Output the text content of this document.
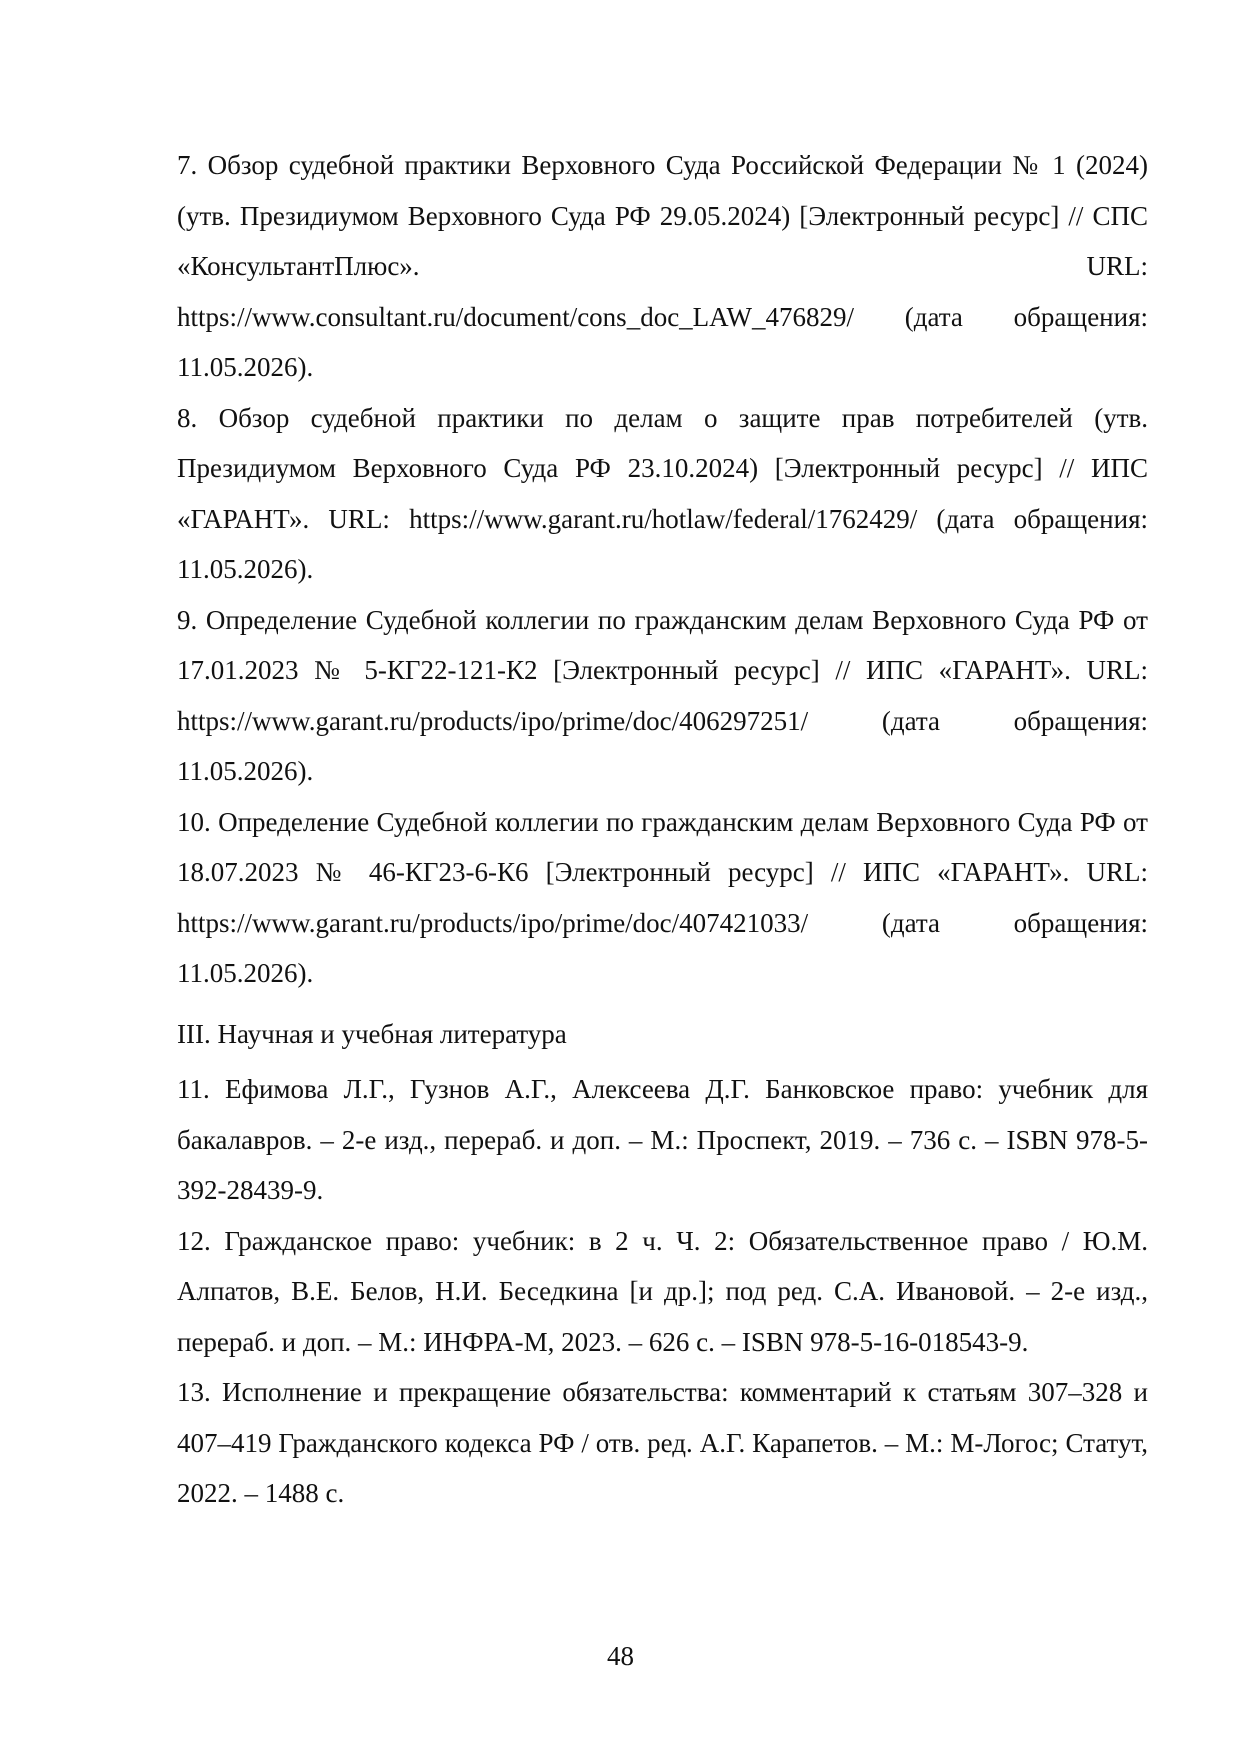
7. Обзор судебной практики Верховного Суда Российской Федерации № 1 (2024) (утв. Президиумом Верховного Суда РФ 29.05.2024) [Электронный ресурс] // СПС «КонсультантПлюс». URL: https://www.consultant.ru/document/cons_doc_LAW_476829/ (дата обращения: 11.05.2026).

8. Обзор судебной практики по делам о защите прав потребителей (утв. Президиумом Верховного Суда РФ 23.10.2024) [Электронный ресурс] // ИПС «ГАРАНТ». URL: https://www.garant.ru/hotlaw/federal/1762429/ (дата обращения: 11.05.2026).

9. Определение Судебной коллегии по гражданским делам Верховного Суда РФ от 17.01.2023 № 5-КГ22-121-К2 [Электронный ресурс] // ИПС «ГАРАНТ». URL: https://www.garant.ru/products/ipo/prime/doc/406297251/ (дата обращения: 11.05.2026).

10. Определение Судебной коллегии по гражданским делам Верховного Суда РФ от 18.07.2023 № 46-КГ23-6-К6 [Электронный ресурс] // ИПС «ГАРАНТ». URL: https://www.garant.ru/products/ipo/prime/doc/407421033/ (дата обращения: 11.05.2026).

III. Научная и учебная литература

11. Ефимова Л.Г., Гузнов А.Г., Алексеева Д.Г. Банковское право: учебник для бакалавров. – 2-е изд., перераб. и доп. – М.: Проспект, 2019. – 736 с. – ISBN 978-5-392-28439-9.

12. Гражданское право: учебник: в 2 ч. Ч. 2: Обязательственное право / Ю.М. Алпатов, В.Е. Белов, Н.И. Беседкина [и др.]; под ред. С.А. Ивановой. – 2-е изд., перераб. и доп. – М.: ИНФРА-М, 2023. – 626 с. – ISBN 978-5-16-018543-9.

13. Исполнение и прекращение обязательства: комментарий к статьям 307–328 и 407–419 Гражданского кодекса РФ / отв. ред. А.Г. Карапетов. – М.: М-Логос; Статут, 2022. – 1488 с.

48
